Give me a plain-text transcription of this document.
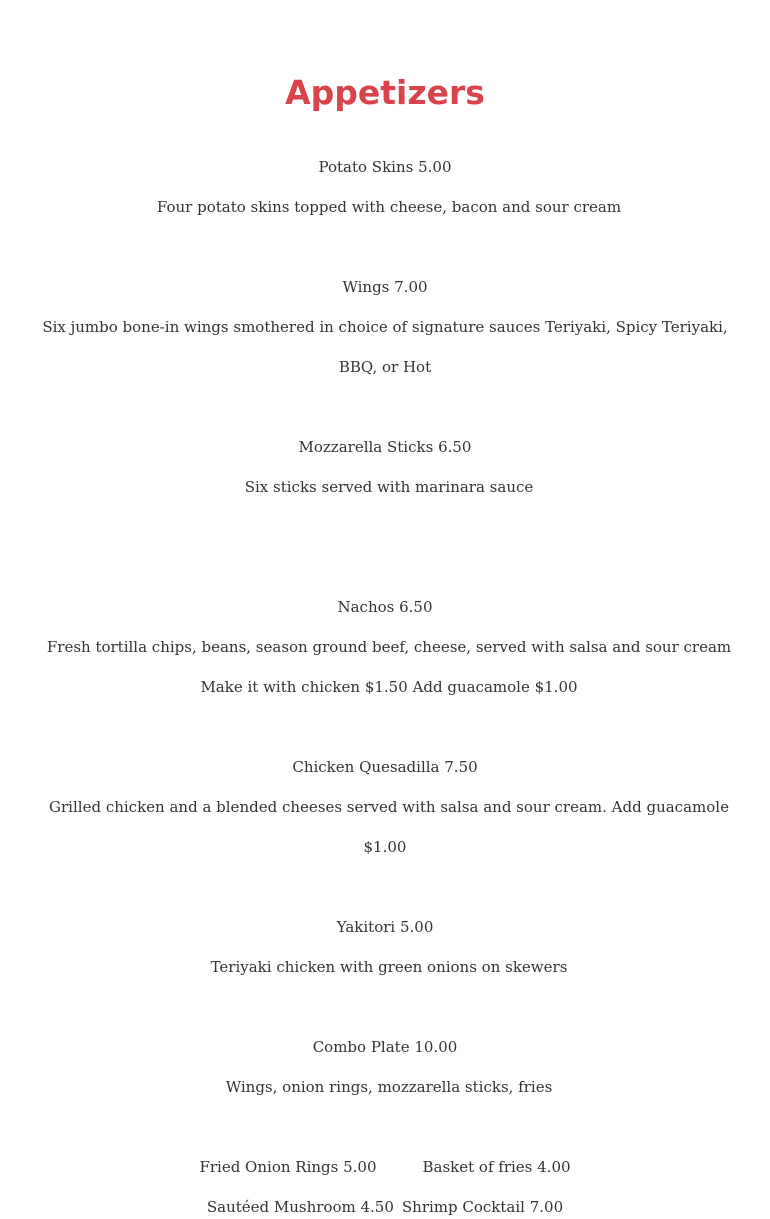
Appetizers
Potato Skins 5.00
Four potato skins topped with cheese, bacon and sour cream
Wings 7.00
Six jumbo bone-in wings smothered in choice of signature sauces Teriyaki, Spicy Teriyaki,
BBQ, or Hot
Mozzarella Sticks 6.50
Six sticks served with marinara sauce
Nachos 6.50
Fresh tortilla chips, beans, season ground beef, cheese, served with salsa and sour cream
Make it with chicken $1.50 Add guacamole $1.00
Chicken Quesadilla 7.50
Grilled chicken and a blended cheeses served with salsa and sour cream. Add guacamole
$1.00
Yakitori 5.00
Teriyaki chicken with green onions on skewers
Combo Plate 10.00
Wings, onion rings, mozzarella sticks, fries
Fried Onion Rings 5.00	Basket of fries 4.00
Sautéed Mushroom 4.50 Shrimp Cocktail 7.00
